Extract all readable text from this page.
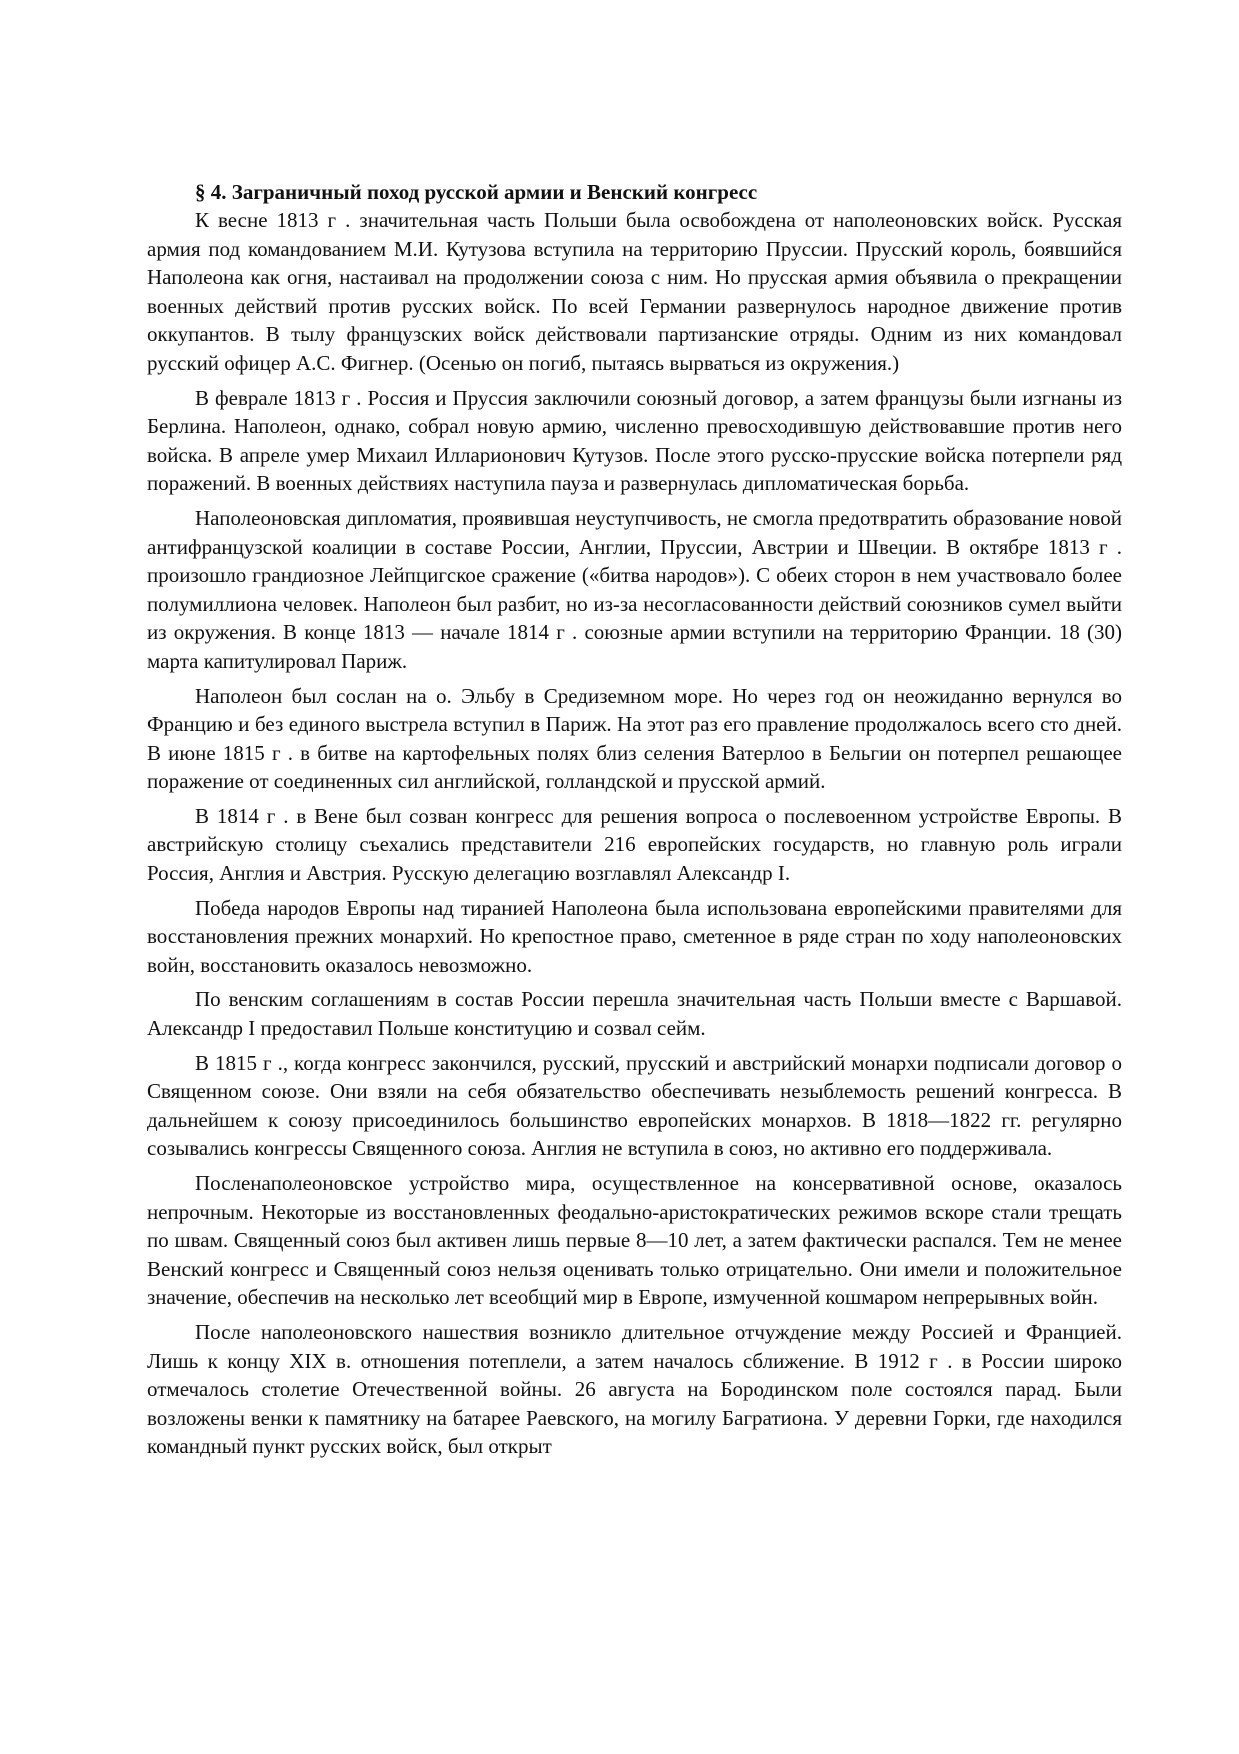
§ 4. Заграничный поход русской армии и Венский конгресс

К весне 1813 г . значительная часть Польши была освобождена от наполеоновских войск. Русская армия под командованием М.И. Кутузова вступила на территорию Пруссии. Прусский король, боявшийся Наполеона как огня, настаивал на продолжении союза с ним. Но прусская армия объявила о прекращении военных действий против русских войск. По всей Германии развернулось народное движение против оккупантов. В тылу французских войск действовали партизанские отряды. Одним из них командовал русский офицер А.С. Фигнер. (Осенью он погиб, пытаясь вырваться из окружения.)

В феврале 1813 г . Россия и Пруссия заключили союзный договор, а затем французы были изгнаны из Берлина. Наполеон, однако, собрал новую армию, численно превосходившую действовавшие против него войска. В апреле умер Михаил Илларионович Кутузов. После этого русско-прусские войска потерпели ряд поражений. В военных действиях наступила пауза и развернулась дипломатическая борьба.

Наполеоновская дипломатия, проявившая неуступчивость, не смогла предотвратить образование новой антифранцузской коалиции в составе России, Англии, Пруссии, Австрии и Швеции. В октябре 1813 г . произошло грандиозное Лейпцигское сражение («битва народов»). С обеих сторон в нем участвовало более полумиллиона человек. Наполеон был разбит, но из-за несогласованности действий союзников сумел выйти из окружения. В конце 1813 — начале 1814 г . союзные армии вступили на территорию Франции. 18 (30) марта капитулировал Париж.

Наполеон был сослан на о. Эльбу в Средиземном море. Но через год он неожиданно вернулся во Францию и без единого выстрела вступил в Париж. На этот раз его правление продолжалось всего сто дней. В июне 1815 г . в битве на картофельных полях близ селения Ватерлоо в Бельгии он потерпел решающее поражение от соединенных сил английской, голландской и прусской армий.

В 1814 г . в Вене был созван конгресс для решения вопроса о послевоенном устройстве Европы. В австрийскую столицу съехались представители 216 европейских государств, но главную роль играли Россия, Англия и Австрия. Русскую делегацию возглавлял Александр I.

Победа народов Европы над тиранией Наполеона была использована европейскими правителями для восстановления прежних монархий. Но крепостное право, сметенное в ряде стран по ходу наполеоновских войн, восстановить оказалось невозможно.

По венским соглашениям в состав России перешла значительная часть Польши вместе с Варшавой. Александр I предоставил Польше конституцию и созвал сейм.

В 1815 г ., когда конгресс закончился, русский, прусский и австрийский монархи подписали договор о Священном союзе. Они взяли на себя обязательство обеспечивать незыблемость решений конгресса. В дальнейшем к союзу присоединилось большинство европейских монархов. В 1818—1822 гг. регулярно созывались конгрессы Священного союза. Англия не вступила в союз, но активно его поддерживала.

Посленаполеоновское устройство мира, осуществленное на консервативной основе, оказалось непрочным. Некоторые из восстановленных феодально-аристократических режимов вскоре стали трещать по швам. Священный союз был активен лишь первые 8—10 лет, а затем фактически распался. Тем не менее Венский конгресс и Священный союз нельзя оценивать только отрицательно. Они имели и положительное значение, обеспечив на несколько лет всеобщий мир в Европе, измученной кошмаром непрерывных войн.

После наполеоновского нашествия возникло длительное отчуждение между Россией и Францией. Лишь к концу XIX в. отношения потеплели, а затем началось сближение. В 1912 г . в России широко отмечалось столетие Отечественной войны. 26 августа на Бородинском поле состоялся парад. Были возложены венки к памятнику на батарее Раевского, на могилу Багратиона. У деревни Горки, где находился командный пункт русских войск, был открыт
